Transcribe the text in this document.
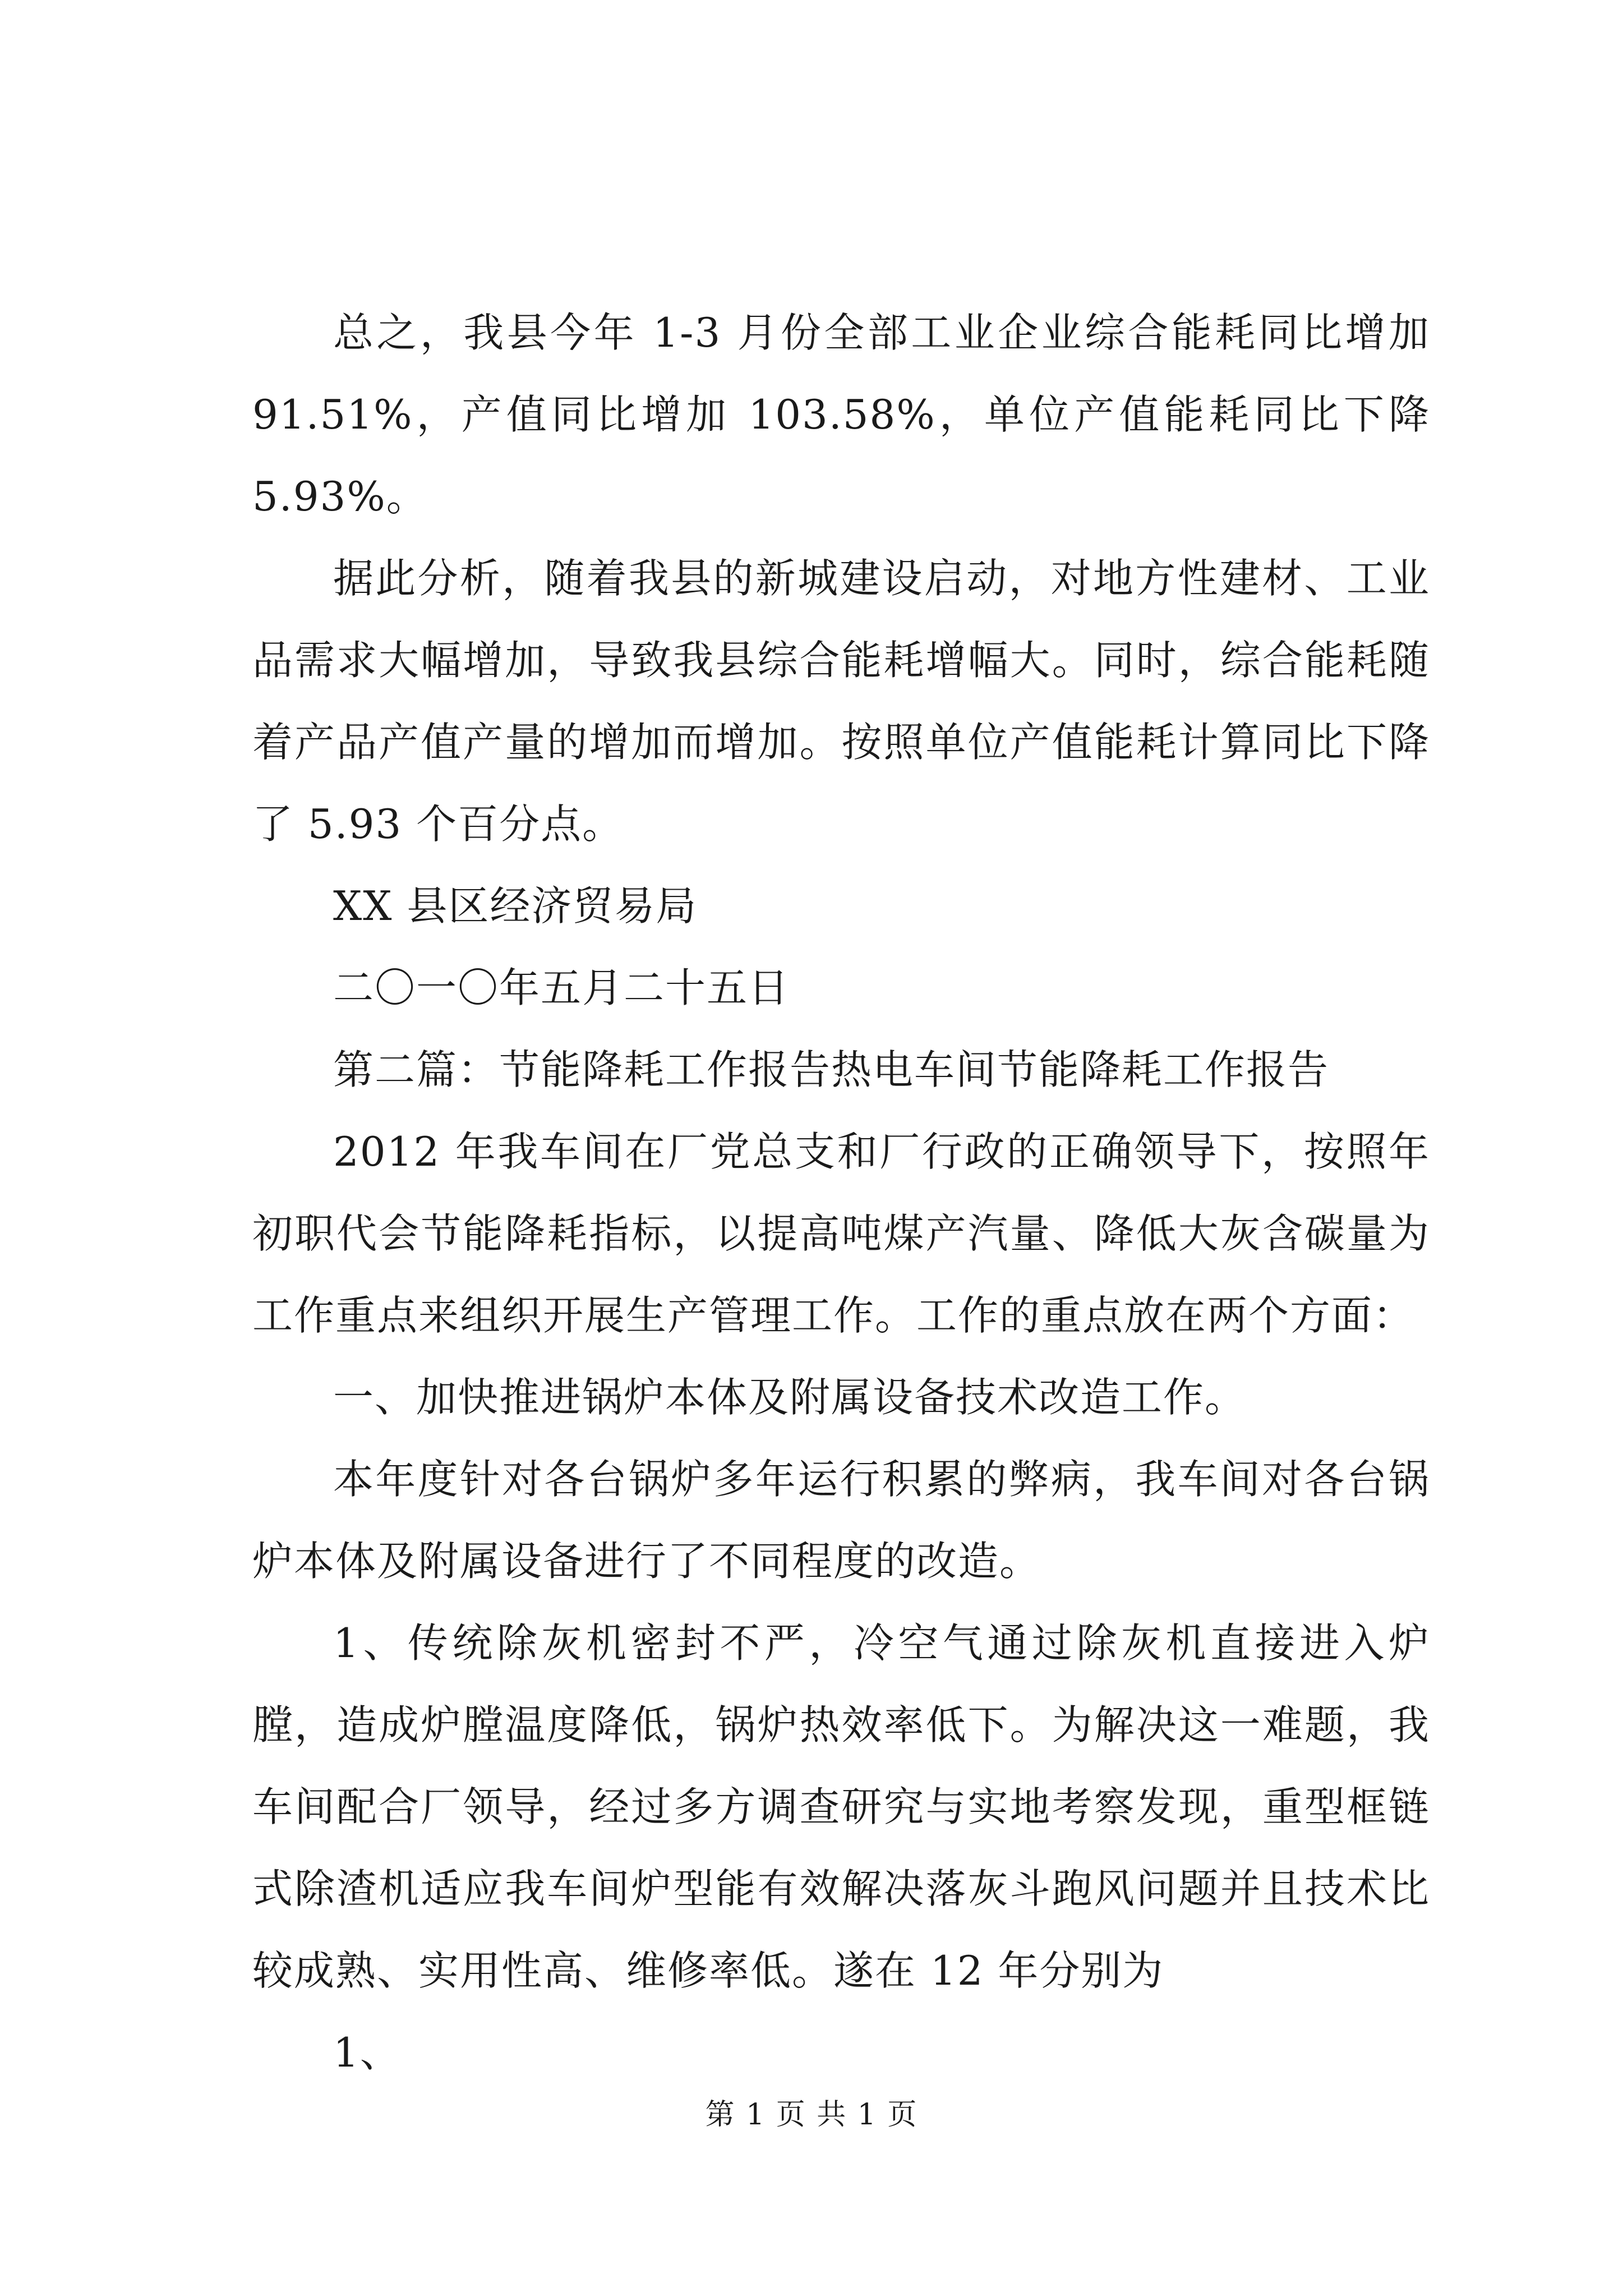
总之，我县今年 1-3 月份全部工业企业综合能耗同比增加 91.51%，产值同比增加 103.58%，单位产值能耗同比下降 5.93%。

据此分析，随着我县的新城建设启动，对地方性建材、工业品需求大幅增加，导致我县综合能耗增幅大。同时，综合能耗随着产品产值产量的增加而增加。按照单位产值能耗计算同比下降了 5.93 个百分点。

XX 县区经济贸易局

二〇一〇年五月二十五日

第二篇：节能降耗工作报告热电车间节能降耗工作报告

2012 年我车间在厂党总支和厂行政的正确领导下，按照年初职代会节能降耗指标，以提高吨煤产汽量、降低大灰含碳量为工作重点来组织开展生产管理工作。工作的重点放在两个方面：

一、加快推进锅炉本体及附属设备技术改造工作。

本年度针对各台锅炉多年运行积累的弊病，我车间对各台锅炉本体及附属设备进行了不同程度的改造。

1、传统除灰机密封不严，冷空气通过除灰机直接进入炉膛，造成炉膛温度降低，锅炉热效率低下。为解决这一难题，我车间配合厂领导，经过多方调查研究与实地考察发现，重型框链式除渣机适应我车间炉型能有效解决落灰斗跑风问题并且技术比较成熟、实用性高、维修率低。遂在 12 年分别为

1、

第 1 页 共 1 页
